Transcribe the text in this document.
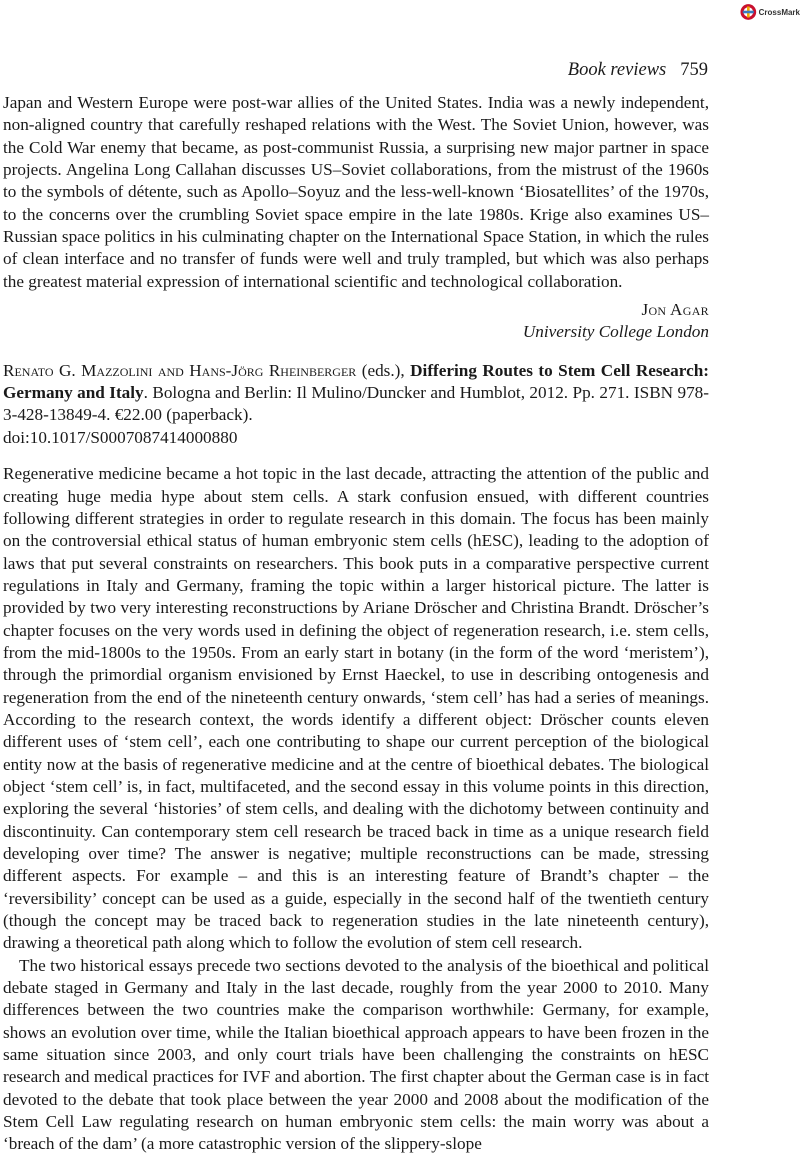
CrossMark
Book reviews 759

Japan and Western Europe were post-war allies of the United States. India was a newly independent, non-aligned country that carefully reshaped relations with the West. The Soviet Union, however, was the Cold War enemy that became, as post-communist Russia, a surprising new major partner in space projects. Angelina Long Callahan discusses US–Soviet collaborations, from the mistrust of the 1960s to the symbols of détente, such as Apollo–Soyuz and the less-well-known ‘Biosatellites’ of the 1970s, to the concerns over the crumbling Soviet space empire in the late 1980s. Krige also examines US–Russian space politics in his culminating chapter on the International Space Station, in which the rules of clean interface and no transfer of funds were well and truly trampled, but which was also perhaps the greatest material expression of international scientific and technological collaboration.

Jon Agar
University College London
Renato G. Mazzolini and Hans-Jörg Rheinberger (eds.), Differing Routes to Stem Cell Research: Germany and Italy. Bologna and Berlin: Il Mulino/Duncker and Humblot, 2012. Pp. 271. ISBN 978-3-428-13849-4. €22.00 (paperback).
doi:10.1017/S0007087414000880

Regenerative medicine became a hot topic in the last decade, attracting the attention of the public and creating huge media hype about stem cells. A stark confusion ensued, with different countries following different strategies in order to regulate research in this domain. The focus has been mainly on the controversial ethical status of human embryonic stem cells (hESC), leading to the adoption of laws that put several constraints on researchers. This book puts in a comparative perspective current regulations in Italy and Germany, framing the topic within a larger historical picture. The latter is provided by two very interesting reconstructions by Ariane Dröscher and Christina Brandt. Dröscher’s chapter focuses on the very words used in defining the object of regeneration research, i.e. stem cells, from the mid-1800s to the 1950s. From an early start in botany (in the form of the word ‘meristem’), through the primordial organism envisioned by Ernst Haeckel, to use in describing ontogenesis and regeneration from the end of the nineteenth century onwards, ‘stem cell’ has had a series of meanings. According to the research context, the words identify a different object: Dröscher counts eleven different uses of ‘stem cell’, each one contributing to shape our current perception of the biological entity now at the basis of regenerative medicine and at the centre of bioethical debates. The biological object ‘stem cell’ is, in fact, multifaceted, and the second essay in this volume points in this direction, exploring the several ‘histories’ of stem cells, and dealing with the dichotomy between continuity and discontinuity. Can contemporary stem cell research be traced back in time as a unique research field developing over time? The answer is negative; multiple reconstructions can be made, stressing different aspects. For example – and this is an interesting feature of Brandt’s chapter – the ‘reversibility’ concept can be used as a guide, especially in the second half of the twentieth century (though the concept may be traced back to regeneration studies in the late nineteenth century), drawing a theoretical path along which to follow the evolution of stem cell research.

The two historical essays precede two sections devoted to the analysis of the bioethical and political debate staged in Germany and Italy in the last decade, roughly from the year 2000 to 2010. Many differences between the two countries make the comparison worthwhile: Germany, for example, shows an evolution over time, while the Italian bioethical approach appears to have been frozen in the same situation since 2003, and only court trials have been challenging the constraints on hESC research and medical practices for IVF and abortion. The first chapter about the German case is in fact devoted to the debate that took place between the year 2000 and 2008 about the modification of the Stem Cell Law regulating research on human embryonic stem cells: the main worry was about a ‘breach of the dam’ (a more catastrophic version of the slippery-slope
